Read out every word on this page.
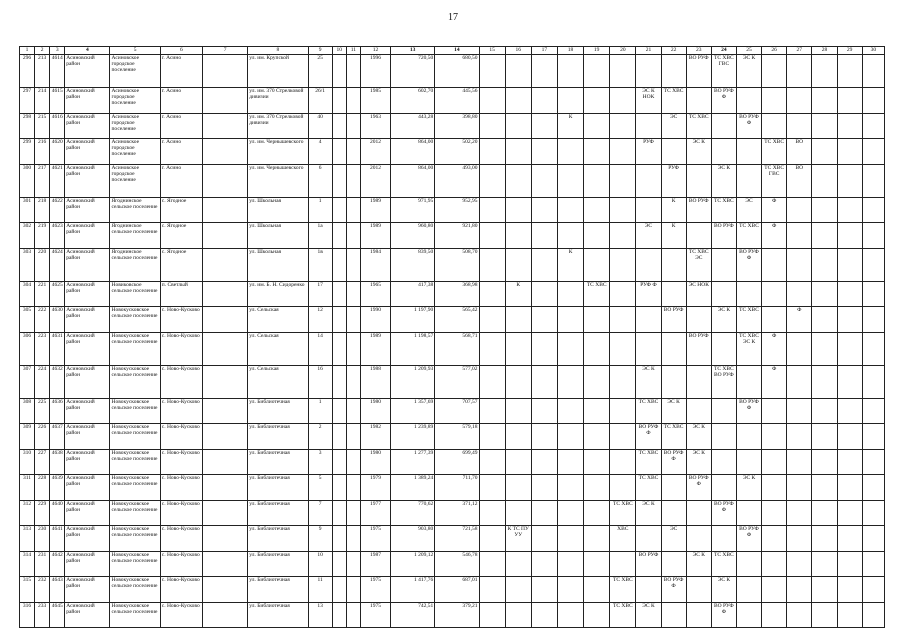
17
1	2	3	4	5	6	7	8	9	10	11	12	13	14	15	16	17	18	19	20	21	22	23	24	25	26	27	28	29	30
296	213	4614	Асиновский район	Асиновское городское поселение	г. Асино		ул. им. Крупской	25			1996	720,50	680,50									ВО РУФ	ТС ХВС ГВС	ЭС К					
297	214	4615	Асиновский район	Асиновское городское поселение	г. Асино		ул. им. 370 Стрелковой дивизии	26/1			1985	602,70	445,56							ЭС К НОК	ТС ХВС		ВО РУФ Ф						
298	215	4616	Асиновский район	Асиновское городское поселение	г. Асино		ул. им. 370 Стрелковой дивизии	40			1963	443,28	398,80				К				ЭС	ТС ХВС		ВО РУФ Ф					
299	216	4620	Асиновский район	Асиновское городское поселение	г. Асино		ул. им. Чернышевского	4			2012	864,00	502,20							РУФ		ЭС К			ТС ХВС	ВО			
300	217	4621	Асиновский район	Асиновское городское поселение	г. Асино		ул. им. Чернышевского	6			2012	864,00	493,00								РУФ		ЭС К		ТС ХВС ГВС	ВО			
301	218	4622	Асиновский район	Ягоднинское сельское поселение	с. Ягодное		ул. Школьная	1			1989	971,95	952,95								К	ВО РУФ	ТС ХВС	ЭС	Ф				
302	219	4623	Асиновский район	Ягоднинское сельское поселение	с. Ягодное		ул. Школьная	1а			1989	960,80	921,80							ЭС	К		ВО РУФ	ТС ХВС	Ф				
303	220	4624	Асиновский район	Ягоднинское сельское поселение	с. Ягодное		ул. Школьная	1в			1984	839,50	508,70				К					ТС ХВС ЭС		ВО РУФ Ф					
304	221	4625	Асиновский район	Новиковское сельское поселение	п. Светлый		ул. им. Б. Н. Сидоренко	17			1965	417,38	368,98		К			ТС ХВС		РУФ Ф		ЭС НОК							
305	222	4630	Асиновский район	Новокусковское сельское поселение	с. Ново-Кусково		ул. Сельская	12			1990	1 197,90	565,42								ВО РУФ		ЭС К	ТС ХВС		Ф			
306	223	4631	Асиновский район	Новокусковское сельское поселение	с. Ново-Кусково		ул. Сельская	14			1989	1 198,57	568,71									ВО РУФ		ТС ХВС ЭС К	Ф				
307	224	4632	Асиновский район	Новокусковское сельское поселение	с. Ново-Кусково		ул. Сельская	16			1988	1 209,93	577,02							ЭС К			ТС ХВС ВО РУФ		Ф				
308	225	4636	Асиновский район	Новокусковское сельское поселение	с. Ново-Кусково		ул. Библиотечная	1			1980	1 357,69	707,57							ТС ХВС	ЭС К			ВО РУФ Ф					
309	226	4637	Асиновский район	Новокусковское сельское поселение	с. Ново-Кусково		ул. Библиотечная	2			1982	1 239,89	579,18							ВО РУФ Ф	ТС ХВС	ЭС К							
310	227	4638	Асиновский район	Новокусковское сельское поселение	с. Ново-Кусково		ул. Библиотечная	3			1980	1 277,39	699,49							ТС ХВС	ВО РУФ Ф	ЭС К							
311	228	4639	Асиновский район	Новокусковское сельское поселение	с. Ново-Кусково		ул. Библиотечная	5			1979	1 389,24	711,70							ТС ХВС		ВО РУФ Ф		ЭС К					
312	229	4640	Асиновский район	Новокусковское сельское поселение	с. Ново-Кусково		ул. Библиотечная	7			1977	770,62	371,12						ТС ХВС	ЭС К			ВО РУФ Ф						
313	230	4641	Асиновский район	Новокусковское сельское поселение	с. Ново-Кусково		ул. Библиотечная	9			1975	903,80	721,58		К ТС ПУ УУ				ХВС		ЭС			ВО РУФ Ф					
314	231	4642	Асиновский район	Новокусковское сельское поселение	с. Ново-Кусково		ул. Библиотечная	10			1987	1 209,12	546,78							ВО РУФ		ЭС К	ТС ХВС						
315	232	4643	Асиновский район	Новокусковское сельское поселение	с. Ново-Кусково		ул. Библиотечная	11			1975	1 417,76	687,01						ТС ХВС		ВО РУФ Ф		ЭС К						
316	233	4645	Асиновский район	Новокусковское сельское поселение	с. Ново-Кусково		ул. Библиотечная	13			1975	742,51	379,21						ТС ХВС	ЭС К			ВО РУФ Ф						
